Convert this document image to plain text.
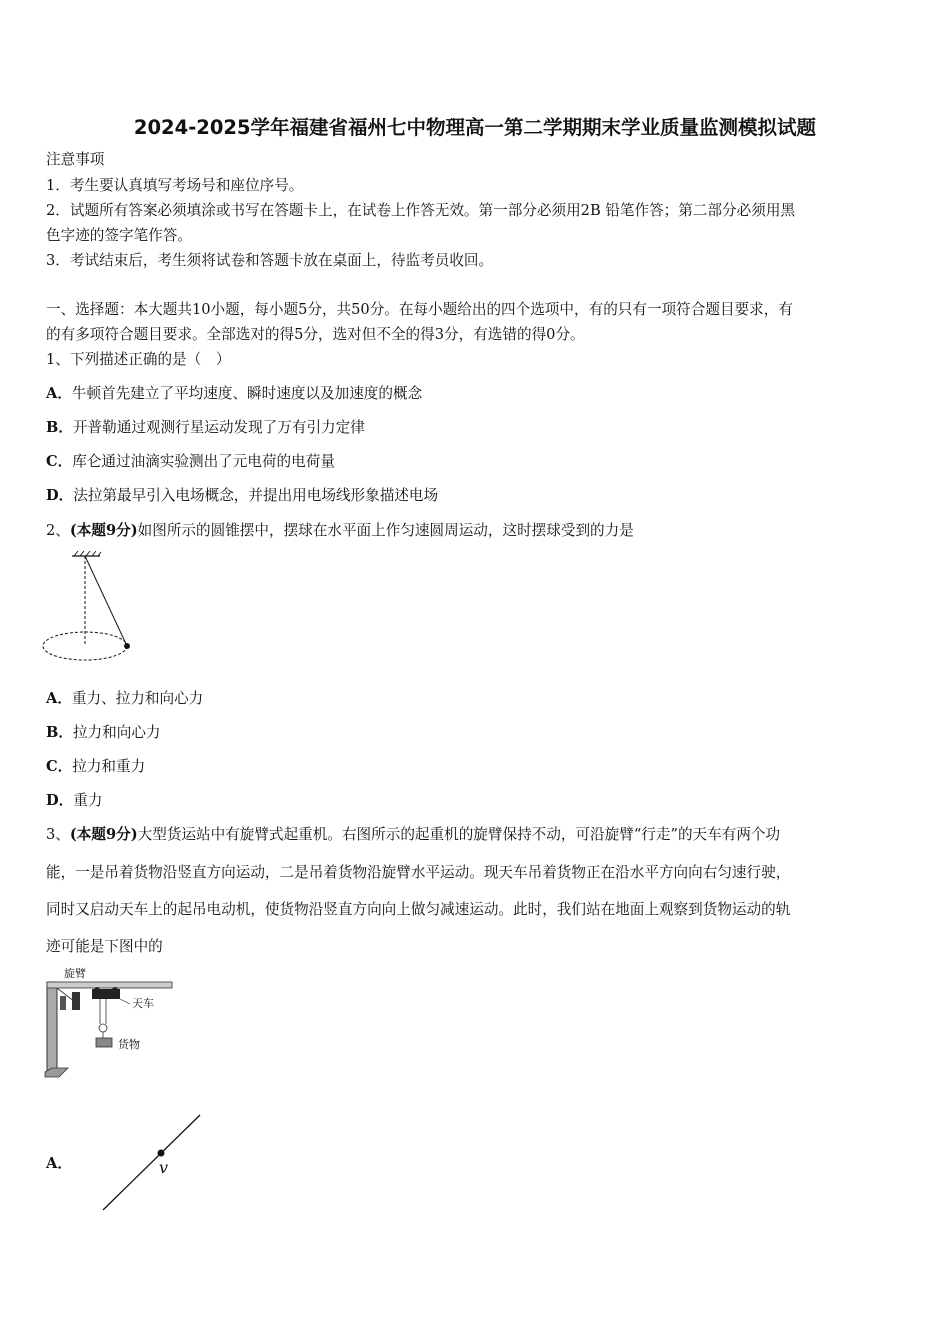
2024-2025学年福建省福州七中物理高一第二学期期末学业质量监测模拟试题
注意事项
1．考生要认真填写考场号和座位序号。
2．试题所有答案必须填涂或书写在答题卡上，在试卷上作答无效。第一部分必须用2B 铅笔作答；第二部分必须用黑
色字迹的签字笔作答。
3．考试结束后，考生须将试卷和答题卡放在桌面上，待监考员收回。
一、选择题：本大题共10小题，每小题5分，共50分。在每小题给出的四个选项中，有的只有一项符合题目要求，有
的有多项符合题目要求。全部选对的得5分，选对但不全的得3分，有选错的得0分。
1、下列描述正确的是（　）
A．牛顿首先建立了平均速度、瞬时速度以及加速度的概念
B．开普勒通过观测行星运动发现了万有引力定律
C．库仑通过油滴实验测出了元电荷的电荷量
D．法拉第最早引入电场概念，并提出用电场线形象描述电场
2、(本题9分)如图所示的圆锥摆中，摆球在水平面上作匀速圆周运动，这时摆球受到的力是
A．重力、拉力和向心力
B．拉力和向心力
C．拉力和重力
D．重力
3、(本题9分)大型货运站中有旋臂式起重机。右图所示的起重机的旋臂保持不动，可沿旋臂“行走”的天车有两个功
能，一是吊着货物沿竖直方向运动，二是吊着货物沿旋臂水平运动。现天车吊着货物正在沿水平方向向右匀速行驶，
同时又启动天车上的起吊电动机，使货物沿竖直方向向上做匀减速运动。此时，我们站在地面上观察到货物运动的轨
迹可能是下图中的
旋臂
天车
货物
A．	v
